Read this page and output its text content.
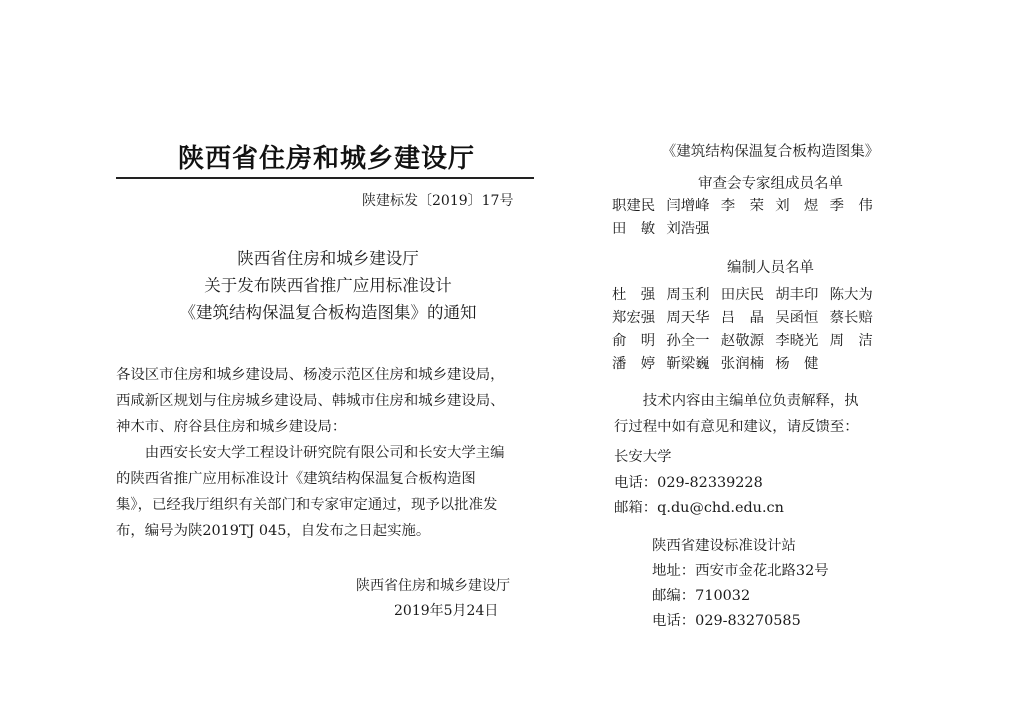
陕西省住房和城乡建设厅
陕建标发〔2019〕17号
陕西省住房和城乡建设厅
关于发布陕西省推广应用标准设计
《建筑结构保温复合板构造图集》的通知
各设区市住房和城乡建设局、杨凌示范区住房和城乡建设局，
西咸新区规划与住房城乡建设局、韩城市住房和城乡建设局、
神木市、府谷县住房和城乡建设局：
　　由西安长安大学工程设计研究院有限公司和长安大学主编
的陕西省推广应用标准设计《建筑结构保温复合板构造图
集》，已经我厅组织有关部门和专家审定通过，现予以批准发
布，编号为陕2019TJ 045，自发布之日起实施。
陕西省住房和城乡建设厅
2019年5月24日
《建筑结构保温复合板构造图集》
审查会专家组成员名单
职建民 闫增峰 李　荣 刘　煜 季　伟
田　敏 刘浩强
编制人员名单
杜　强 周玉利 田庆民 胡丰印 陈大为
郑宏强 周天华 吕　晶 吴函恒 蔡长赔
俞　明 孙全一 赵敬源 李晓光 周　洁
潘　婷 靳梁巍 张润楠 杨　健
　　技术内容由主编单位负责解释，执
行过程中如有意见和建议，请反馈至：
长安大学
电话：029-82339228
邮箱：q.du@chd.edu.cn
陕西省建设标准设计站
地址：西安市金花北路32号
邮编：710032
电话：029-83270585
